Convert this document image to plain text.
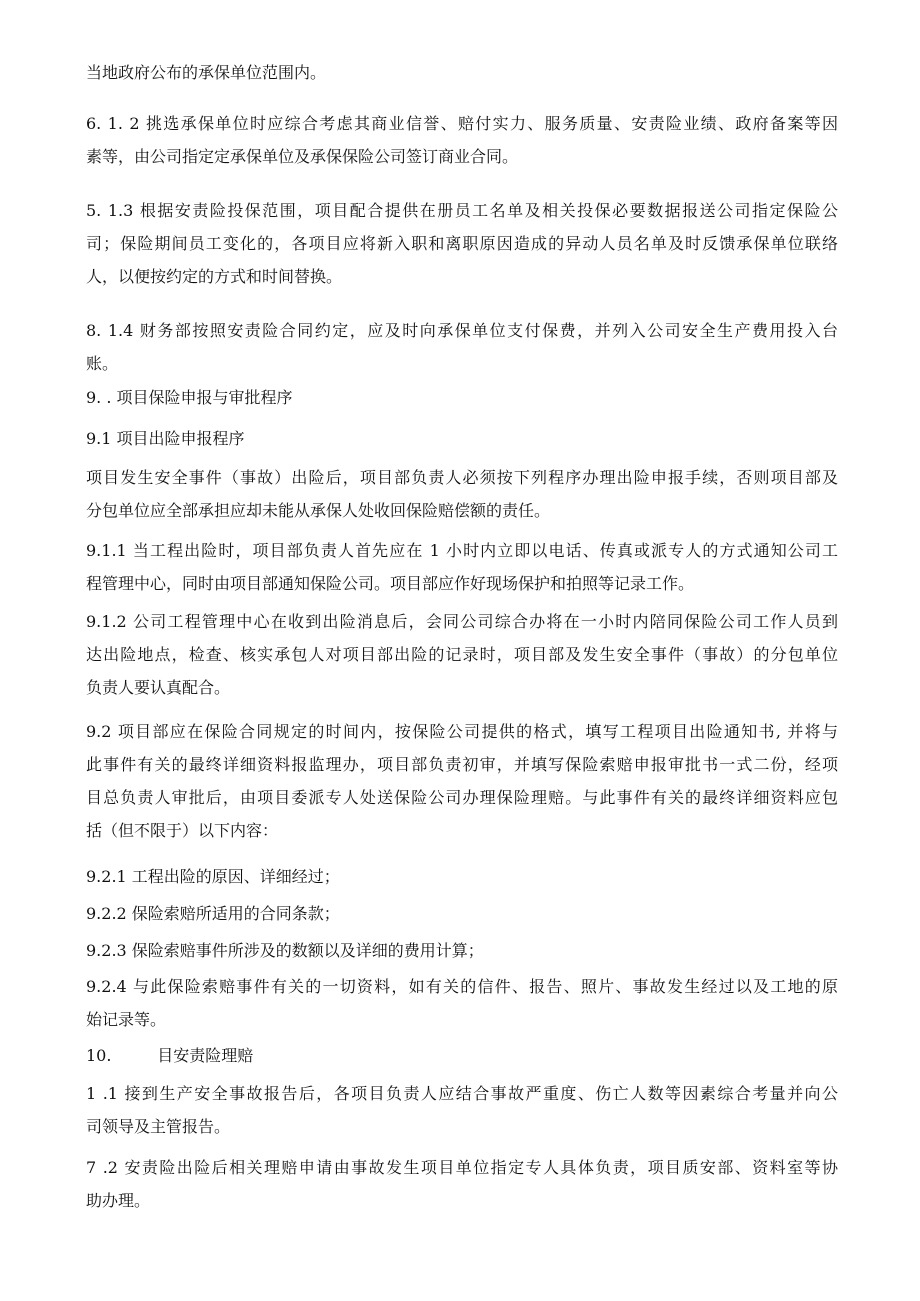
当地政府公布的承保单位范围内。
6. 1. 2 挑选承保单位时应综合考虑其商业信誉、赔付实力、服务质量、安责险业绩、政府备案等因
素等，由公司指定定承保单位及承保保险公司签订商业合同。
5. 1.3 根据安责险投保范围，项目配合提供在册员工名单及相关投保必要数据报送公司指定保险公
司；保险期间员工变化的，各项目应将新入职和离职原因造成的异动人员名单及时反馈承保单位联络
人，以便按约定的方式和时间替换。
8. 1.4 财务部按照安责险合同约定，应及时向承保单位支付保费，并列入公司安全生产费用投入台
账。
9. . 项目保险申报与审批程序
9.1 项目出险申报程序
项目发生安全事件（事故）出险后，项目部负责人必须按下列程序办理出险申报手续，否则项目部及
分包单位应全部承担应却未能从承保人处收回保险赔偿额的责任。
9.1.1 当工程出险时，项目部负责人首先应在 1 小时内立即以电话、传真或派专人的方式通知公司工
程管理中心，同时由项目部通知保险公司。项目部应作好现场保护和拍照等记录工作。
9.1.2 公司工程管理中心在收到出险消息后，会同公司综合办将在一小时内陪同保险公司工作人员到
达出险地点，检查、核实承包人对项目部出险的记录时，项目部及发生安全事件（事故）的分包单位
负责人要认真配合。
9.2 项目部应在保险合同规定的时间内，按保险公司提供的格式，填写工程项目出险通知书, 并将与
此事件有关的最终详细资料报监理办，项目部负责初审，并填写保险索赔申报审批书一式二份，经项
目总负责人审批后，由项目委派专人处送保险公司办理保险理赔。与此事件有关的最终详细资料应包
括（但不限于）以下内容：
9.2.1 工程出险的原因、详细经过；
9.2.2 保险索赔所适用的合同条款；
9.2.3 保险索赔事件所涉及的数额以及详细的费用计算；
9.2.4 与此保险索赔事件有关的一切资料，如有关的信件、报告、照片、事故发生经过以及工地的原
始记录等。
10.         目安责险理赔
1 .1 接到生产安全事故报告后，各项目负责人应结合事故严重度、伤亡人数等因素综合考量并向公
司领导及主管报告。
7 .2 安责险出险后相关理赔申请由事故发生项目单位指定专人具体负责，项目质安部、资料室等协
助办理。
